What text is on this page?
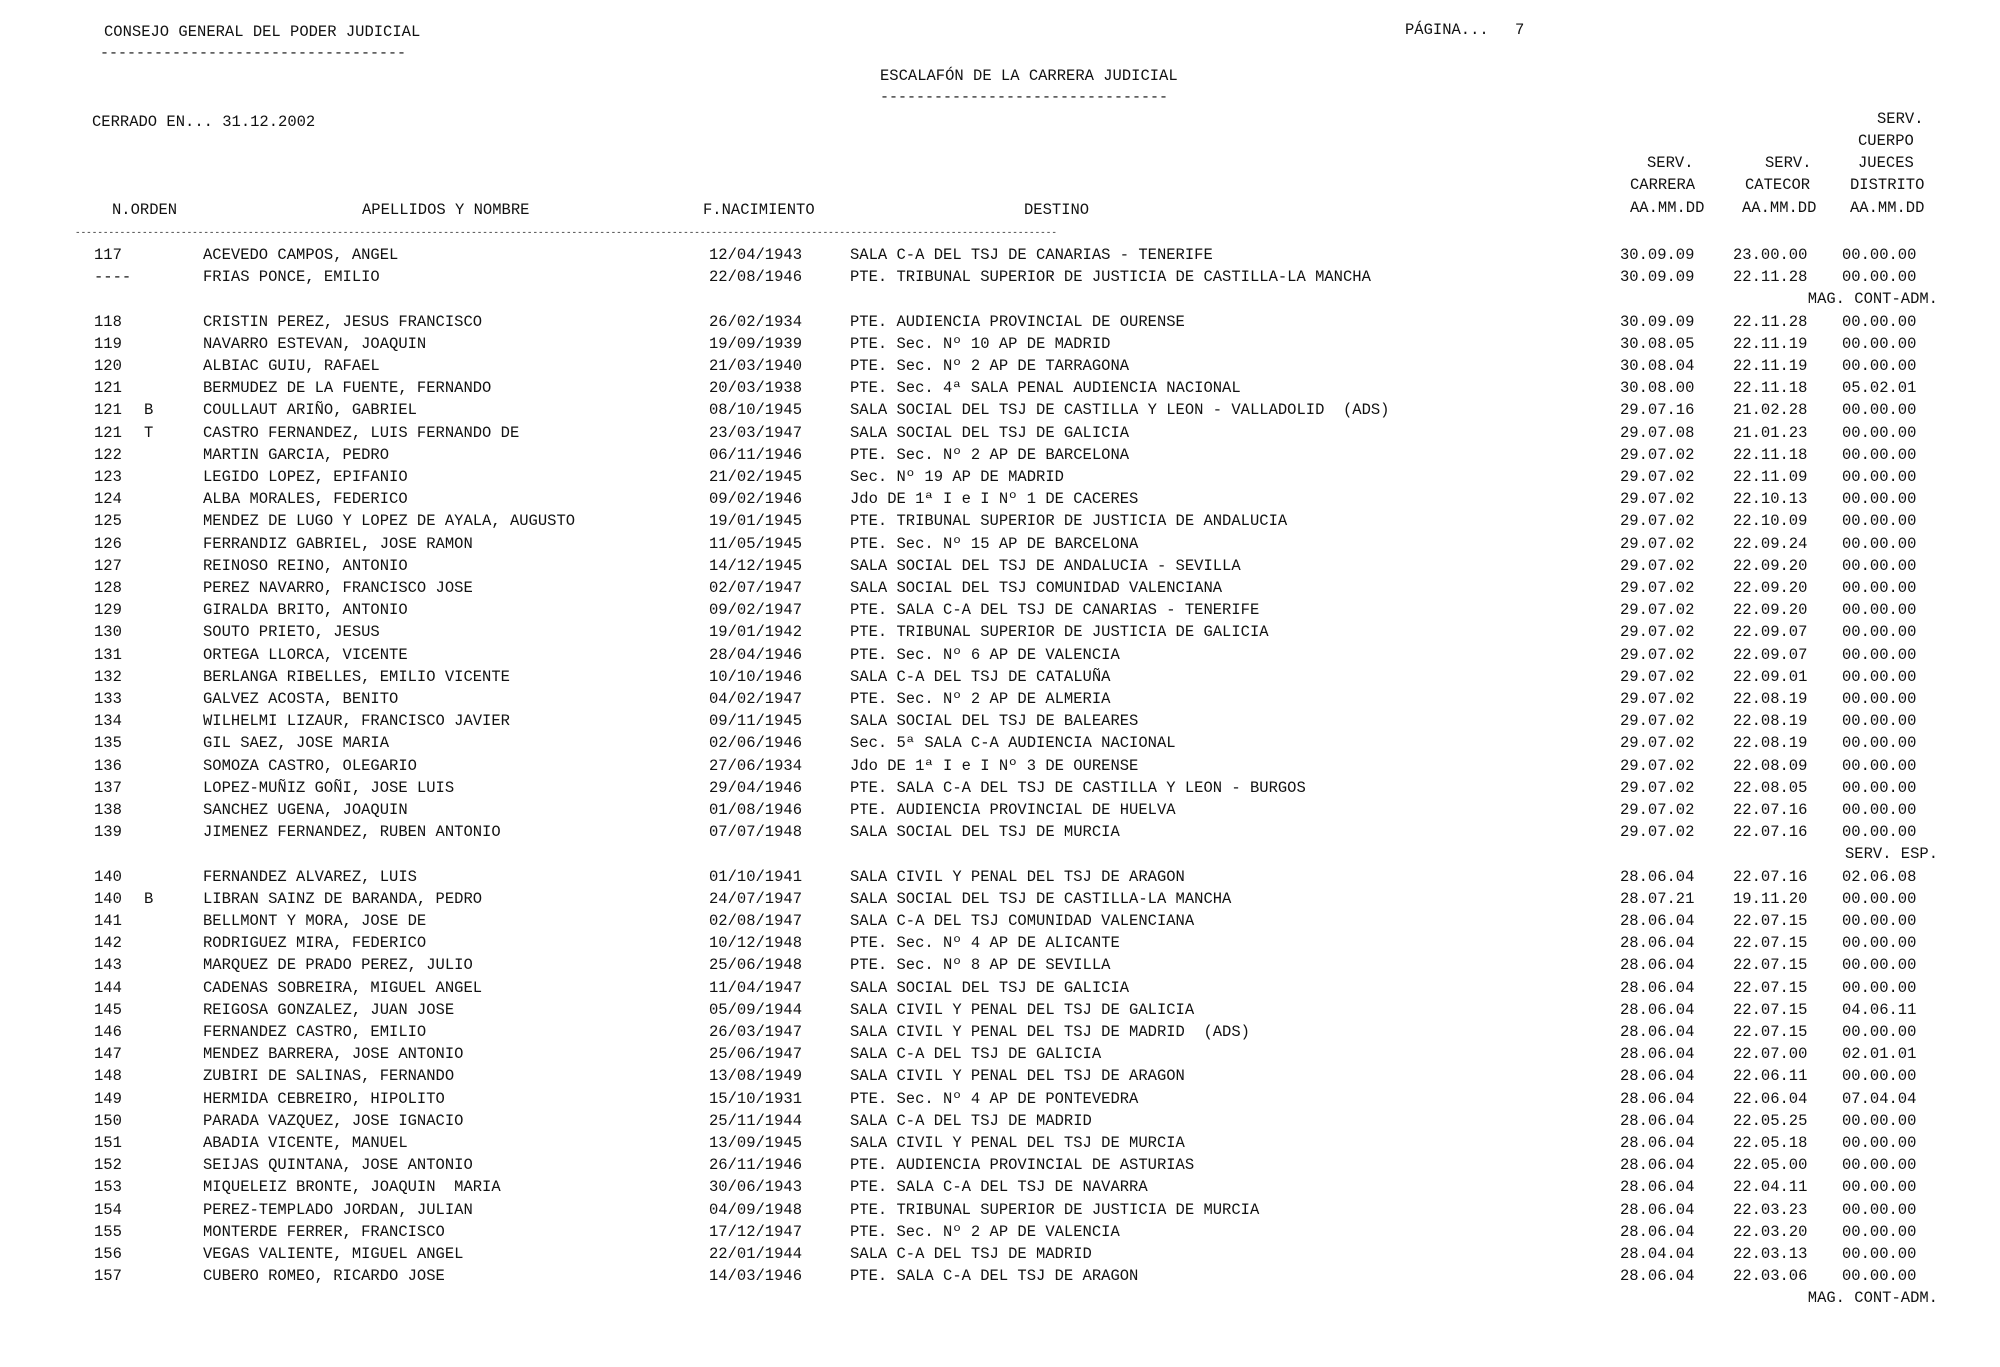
CONSEJO GENERAL DEL PODER JUDICIAL
----------------------------------
PÁGINA... 7
ESCALAFÓN DE LA CARRERA JUDICIAL
--------------------------------
CERRADO EN... 31.12.2002	SERV.
CUERPO
SERV.	SERV.	JUECES
CARRERA	CATECOR	DISTRITO
N.ORDEN	APELLIDOS Y NOMBRE	F.NACIMIENTO	DESTINO	AA.MM.DD AA.MM.DD AA.MM.DD
--------------------------------------------------------------------------------------------------------------------------------------------------------------------------------
117	ACEVEDO CAMPOS, ANGEL	12/04/1943	SALA C-A DEL TSJ DE CANARIAS - TENERIFE	30.09.09 23.00.00 00.00.00
----	FRIAS PONCE, EMILIO	22/08/1946	PTE. TRIBUNAL SUPERIOR DE JUSTICIA DE CASTILLA-LA MANCHA	30.09.09 22.11.28 00.00.00
MAG. CONT-ADM.
118	CRISTIN PEREZ, JESUS FRANCISCO	26/02/1934	PTE. AUDIENCIA PROVINCIAL DE OURENSE	30.09.09 22.11.28 00.00.00
119	NAVARRO ESTEVAN, JOAQUIN	19/09/1939	PTE. Sec. Nº 10 AP DE MADRID	30.08.05 22.11.19 00.00.00
120	ALBIAC GUIU, RAFAEL	21/03/1940	PTE. Sec. Nº 2 AP DE TARRAGONA	30.08.04 22.11.19 00.00.00
121	BERMUDEZ DE LA FUENTE, FERNANDO	20/03/1938	PTE. Sec. 4ª SALA PENAL AUDIENCIA NACIONAL	30.08.00 22.11.18 05.02.01
121 B	COULLAUT ARIÑO, GABRIEL	08/10/1945	SALA SOCIAL DEL TSJ DE CASTILLA Y LEON - VALLADOLID  (ADS)	29.07.16 21.02.28 00.00.00
121 T	CASTRO FERNANDEZ, LUIS FERNANDO DE	23/03/1947	SALA SOCIAL DEL TSJ DE GALICIA	29.07.08 21.01.23 00.00.00
122	MARTIN GARCIA, PEDRO	06/11/1946	PTE. Sec. Nº 2 AP DE BARCELONA	29.07.02 22.11.18 00.00.00
123	LEGIDO LOPEZ, EPIFANIO	21/02/1945	Sec. Nº 19 AP DE MADRID	29.07.02 22.11.09 00.00.00
124	ALBA MORALES, FEDERICO	09/02/1946	Jdo DE 1ª I e I Nº 1 DE CACERES	29.07.02 22.10.13 00.00.00
125	MENDEZ DE LUGO Y LOPEZ DE AYALA, AUGUSTO	19/01/1945	PTE. TRIBUNAL SUPERIOR DE JUSTICIA DE ANDALUCIA	29.07.02 22.10.09 00.00.00
126	FERRANDIZ GABRIEL, JOSE RAMON	11/05/1945	PTE. Sec. Nº 15 AP DE BARCELONA	29.07.02 22.09.24 00.00.00
127	REINOSO REINO, ANTONIO	14/12/1945	SALA SOCIAL DEL TSJ DE ANDALUCIA - SEVILLA	29.07.02 22.09.20 00.00.00
128	PEREZ NAVARRO, FRANCISCO JOSE	02/07/1947	SALA SOCIAL DEL TSJ COMUNIDAD VALENCIANA	29.07.02 22.09.20 00.00.00
129	GIRALDA BRITO, ANTONIO	09/02/1947	PTE. SALA C-A DEL TSJ DE CANARIAS - TENERIFE	29.07.02 22.09.20 00.00.00
130	SOUTO PRIETO, JESUS	19/01/1942	PTE. TRIBUNAL SUPERIOR DE JUSTICIA DE GALICIA	29.07.02 22.09.07 00.00.00
131	ORTEGA LLORCA, VICENTE	28/04/1946	PTE. Sec. Nº 6 AP DE VALENCIA	29.07.02 22.09.07 00.00.00
132	BERLANGA RIBELLES, EMILIO VICENTE	10/10/1946	SALA C-A DEL TSJ DE CATALUÑA	29.07.02 22.09.01 00.00.00
133	GALVEZ ACOSTA, BENITO	04/02/1947	PTE. Sec. Nº 2 AP DE ALMERIA	29.07.02 22.08.19 00.00.00
134	WILHELMI LIZAUR, FRANCISCO JAVIER	09/11/1945	SALA SOCIAL DEL TSJ DE BALEARES	29.07.02 22.08.19 00.00.00
135	GIL SAEZ, JOSE MARIA	02/06/1946	Sec. 5ª SALA C-A AUDIENCIA NACIONAL	29.07.02 22.08.19 00.00.00
136	SOMOZA CASTRO, OLEGARIO	27/06/1934	Jdo DE 1ª I e I Nº 3 DE OURENSE	29.07.02 22.08.09 00.00.00
137	LOPEZ-MUÑIZ GOÑI, JOSE LUIS	29/04/1946	PTE. SALA C-A DEL TSJ DE CASTILLA Y LEON - BURGOS	29.07.02 22.08.05 00.00.00
138	SANCHEZ UGENA, JOAQUIN	01/08/1946	PTE. AUDIENCIA PROVINCIAL DE HUELVA	29.07.02 22.07.16 00.00.00
139	JIMENEZ FERNANDEZ, RUBEN ANTONIO	07/07/1948	SALA SOCIAL DEL TSJ DE MURCIA	29.07.02 22.07.16 00.00.00
SERV. ESP.
140	FERNANDEZ ALVAREZ, LUIS	01/10/1941	SALA CIVIL Y PENAL DEL TSJ DE ARAGON	28.06.04 22.07.16 02.06.08
140 B	LIBRAN SAINZ DE BARANDA, PEDRO	24/07/1947	SALA SOCIAL DEL TSJ DE CASTILLA-LA MANCHA	28.07.21 19.11.20 00.00.00
141	BELLMONT Y MORA, JOSE DE	02/08/1947	SALA C-A DEL TSJ COMUNIDAD VALENCIANA	28.06.04 22.07.15 00.00.00
142	RODRIGUEZ MIRA, FEDERICO	10/12/1948	PTE. Sec. Nº 4 AP DE ALICANTE	28.06.04 22.07.15 00.00.00
143	MARQUEZ DE PRADO PEREZ, JULIO	25/06/1948	PTE. Sec. Nº 8 AP DE SEVILLA	28.06.04 22.07.15 00.00.00
144	CADENAS SOBREIRA, MIGUEL ANGEL	11/04/1947	SALA SOCIAL DEL TSJ DE GALICIA	28.06.04 22.07.15 00.00.00
145	REIGOSA GONZALEZ, JUAN JOSE	05/09/1944	SALA CIVIL Y PENAL DEL TSJ DE GALICIA	28.06.04 22.07.15 04.06.11
146	FERNANDEZ CASTRO, EMILIO	26/03/1947	SALA CIVIL Y PENAL DEL TSJ DE MADRID  (ADS)	28.06.04 22.07.15 00.00.00
147	MENDEZ BARRERA, JOSE ANTONIO	25/06/1947	SALA C-A DEL TSJ DE GALICIA	28.06.04 22.07.00 02.01.01
148	ZUBIRI DE SALINAS, FERNANDO	13/08/1949	SALA CIVIL Y PENAL DEL TSJ DE ARAGON	28.06.04 22.06.11 00.00.00
149	HERMIDA CEBREIRO, HIPOLITO	15/10/1931	PTE. Sec. Nº 4 AP DE PONTEVEDRA	28.06.04 22.06.04 07.04.04
150	PARADA VAZQUEZ, JOSE IGNACIO	25/11/1944	SALA C-A DEL TSJ DE MADRID	28.06.04 22.05.25 00.00.00
151	ABADIA VICENTE, MANUEL	13/09/1945	SALA CIVIL Y PENAL DEL TSJ DE MURCIA	28.06.04 22.05.18 00.00.00
152	SEIJAS QUINTANA, JOSE ANTONIO	26/11/1946	PTE. AUDIENCIA PROVINCIAL DE ASTURIAS	28.06.04 22.05.00 00.00.00
153	MIQUELEIZ BRONTE, JOAQUIN  MARIA	30/06/1943	PTE. SALA C-A DEL TSJ DE NAVARRA	28.06.04 22.04.11 00.00.00
154	PEREZ-TEMPLADO JORDAN, JULIAN	04/09/1948	PTE. TRIBUNAL SUPERIOR DE JUSTICIA DE MURCIA	28.06.04 22.03.23 00.00.00
155	MONTERDE FERRER, FRANCISCO	17/12/1947	PTE. Sec. Nº 2 AP DE VALENCIA	28.06.04 22.03.20 00.00.00
156	VEGAS VALIENTE, MIGUEL ANGEL	22/01/1944	SALA C-A DEL TSJ DE MADRID	28.04.04 22.03.13 00.00.00
157	CUBERO ROMEO, RICARDO JOSE	14/03/1946	PTE. SALA C-A DEL TSJ DE ARAGON	28.06.04 22.03.06 00.00.00
MAG. CONT-ADM.
